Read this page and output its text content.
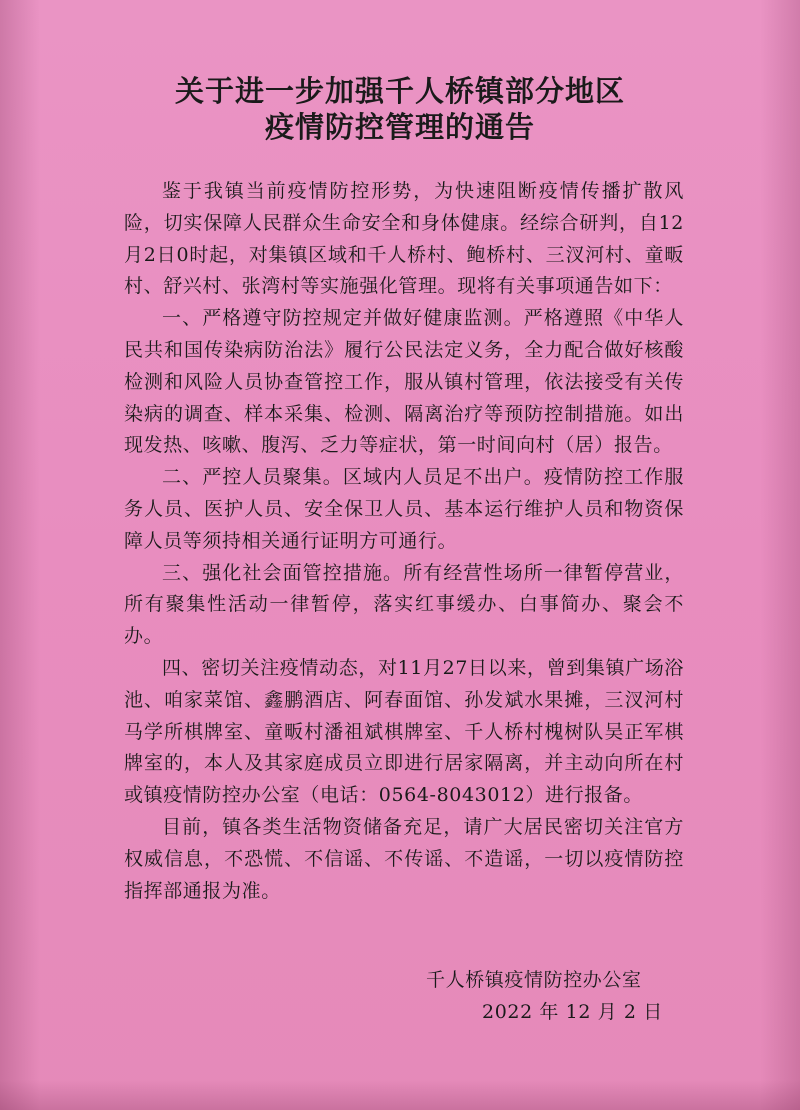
关于进一步加强千人桥镇部分地区
疫情防控管理的通告

鉴于我镇当前疫情防控形势，为快速阻断疫情传播扩散风险，切实保障人民群众生命安全和身体健康。经综合研判，自12月2日0时起，对集镇区域和千人桥村、鲍桥村、三汊河村、童畈村、舒兴村、张湾村等实施强化管理。现将有关事项通告如下：

一、严格遵守防控规定并做好健康监测。严格遵照《中华人民共和国传染病防治法》履行公民法定义务，全力配合做好核酸检测和风险人员协查管控工作，服从镇村管理，依法接受有关传染病的调查、样本采集、检测、隔离治疗等预防控制措施。如出现发热、咳嗽、腹泻、乏力等症状，第一时间向村（居）报告。

二、严控人员聚集。区域内人员足不出户。疫情防控工作服务人员、医护人员、安全保卫人员、基本运行维护人员和物资保障人员等须持相关通行证明方可通行。

三、强化社会面管控措施。所有经营性场所一律暂停营业，所有聚集性活动一律暂停，落实红事缓办、白事简办、聚会不办。

四、密切关注疫情动态，对11月27日以来，曾到集镇广场浴池、咱家菜馆、鑫鹏酒店、阿春面馆、孙发斌水果摊，三汊河村马学所棋牌室、童畈村潘祖斌棋牌室、千人桥村槐树队吴正军棋牌室的，本人及其家庭成员立即进行居家隔离，并主动向所在村或镇疫情防控办公室（电话：0564-8043012）进行报备。

目前，镇各类生活物资储备充足，请广大居民密切关注官方权威信息，不恐慌、不信谣、不传谣、不造谣，一切以疫情防控指挥部通报为准。

千人桥镇疫情防控办公室
2022 年 12 月 2 日
